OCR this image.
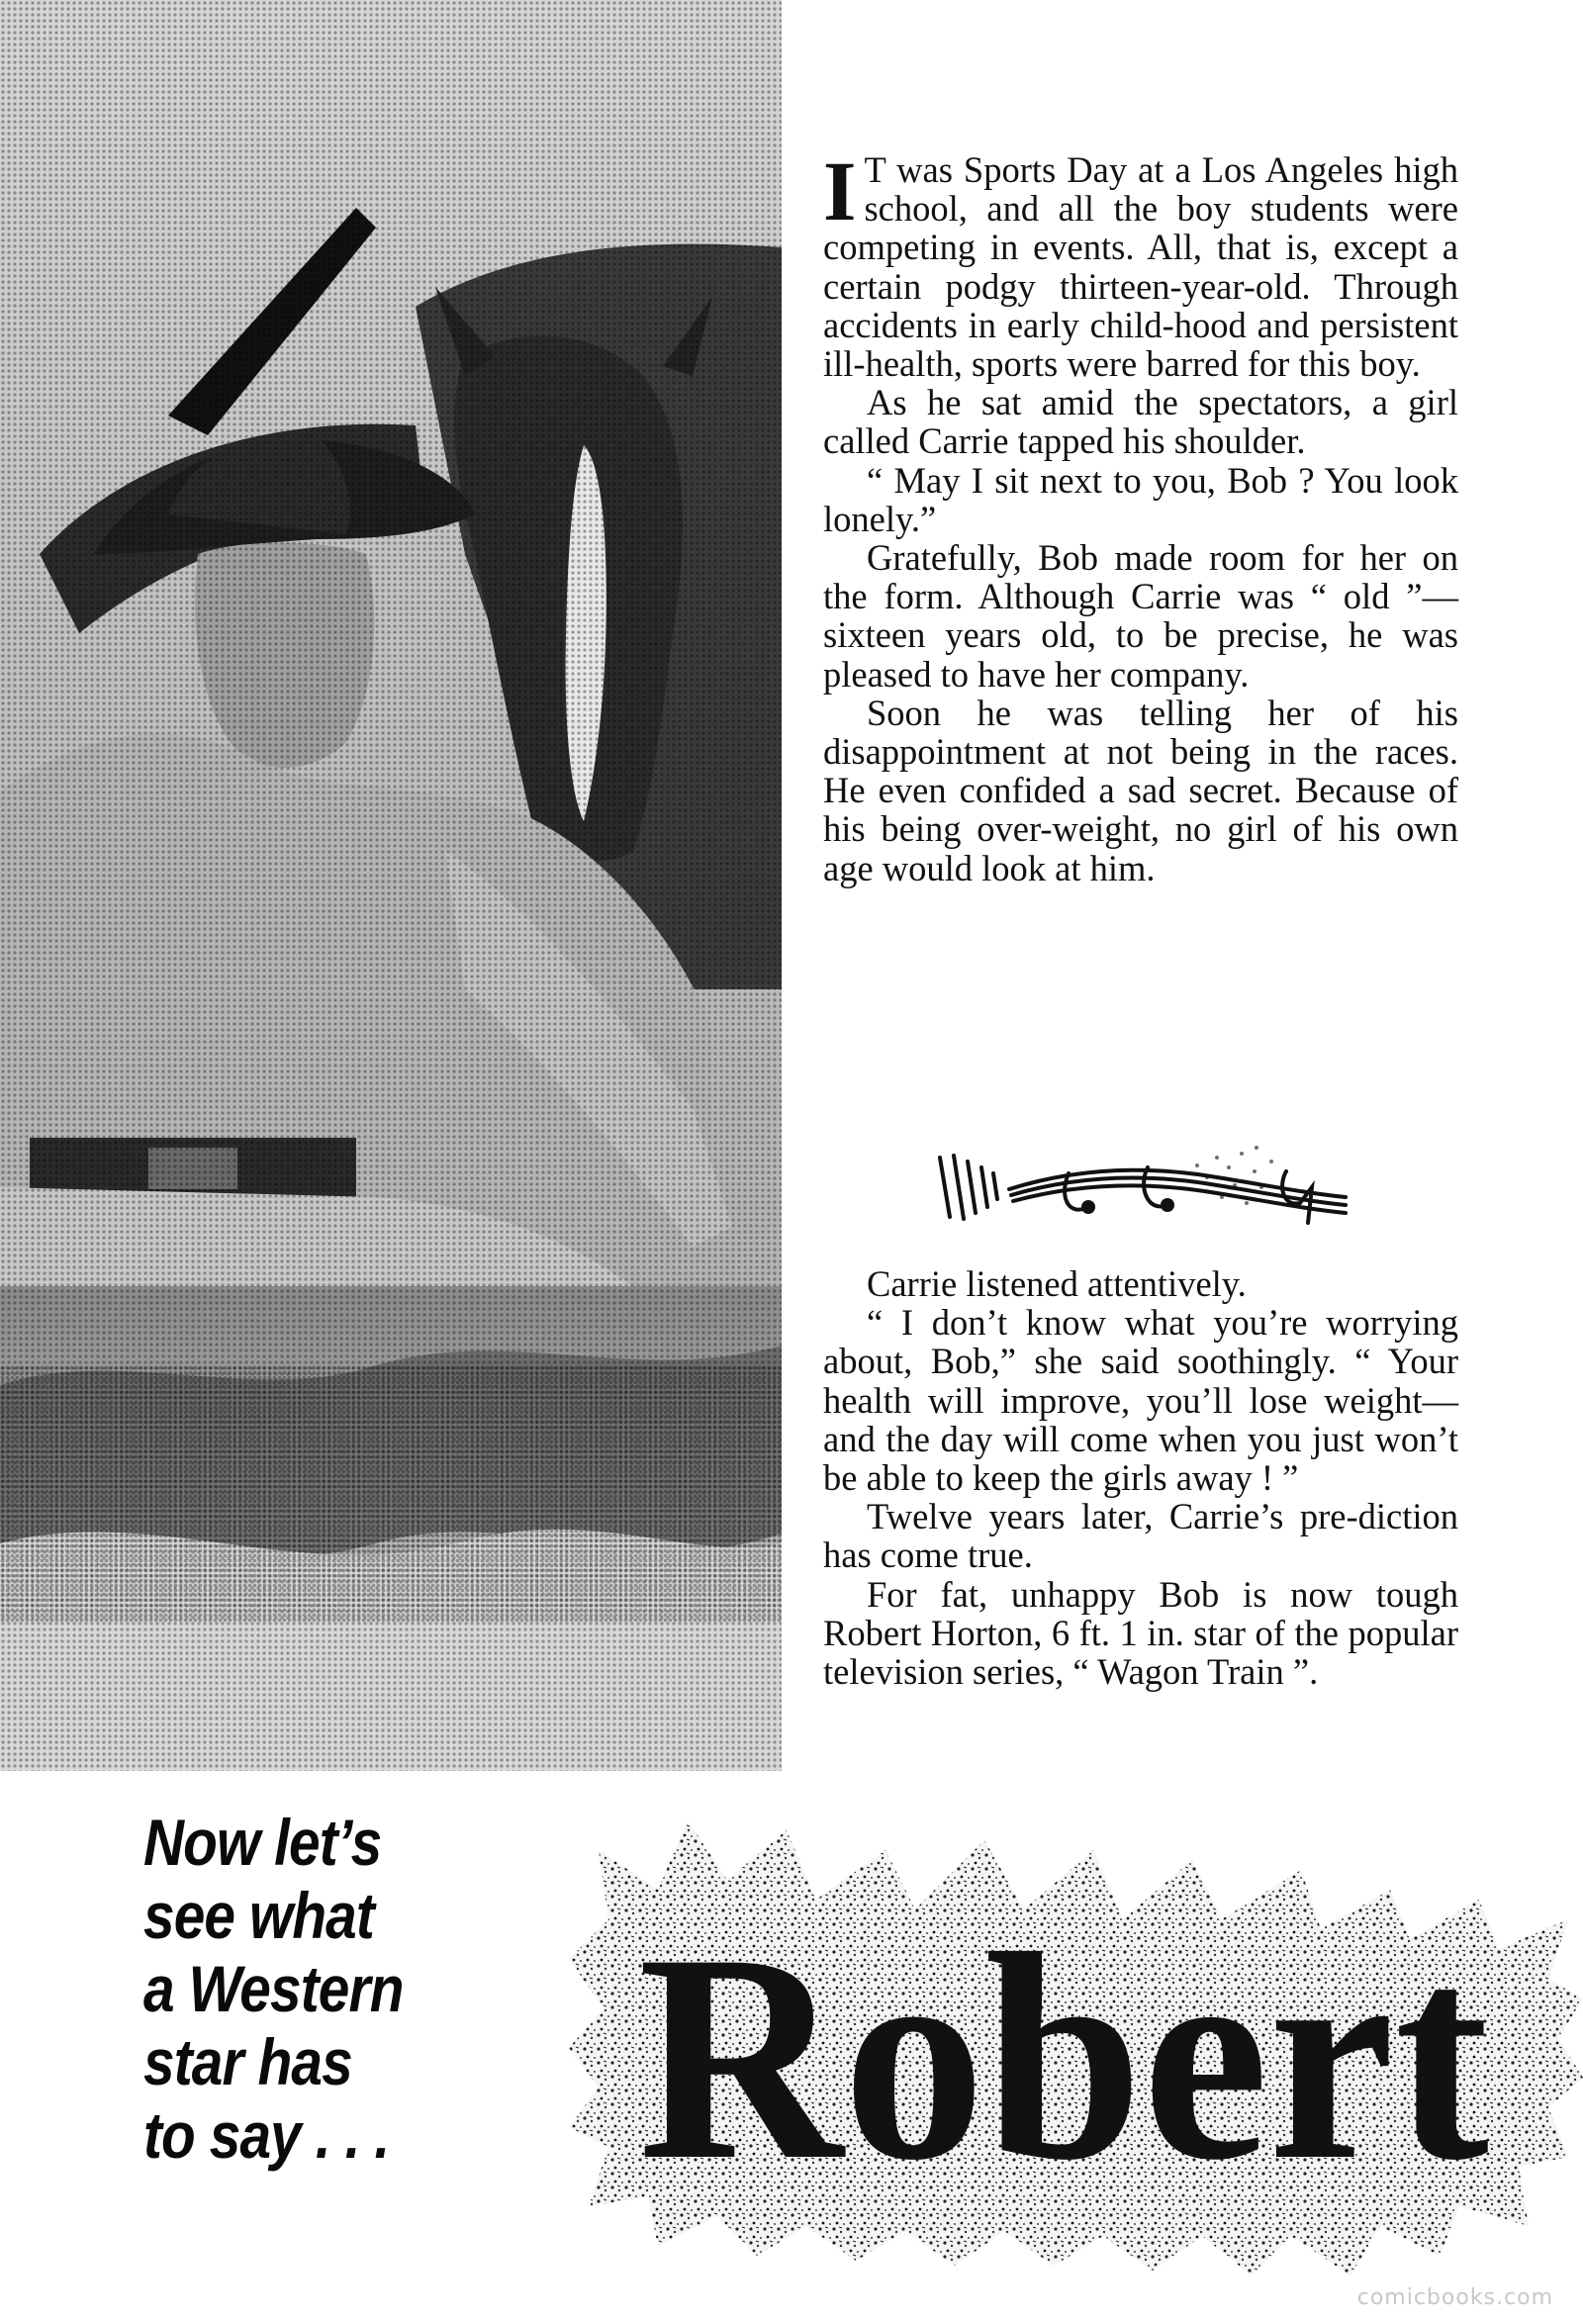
I T was Sports Day at a Los Angeles high school, and all the boy students were competing in events. All, that is, except a certain podgy thirteen-year-old. Through accidents in early child-hood and persistent ill-health, sports were barred for this boy.

As he sat amid the spectators, a girl called Carrie tapped his shoulder.

“ May I sit next to you, Bob ? You look lonely.”

Gratefully, Bob made room for her on the form. Although Carrie was “ old ”—sixteen years old, to be precise, he was pleased to have her company.

Soon he was telling her of his disappointment at not being in the races. He even confided a sad secret. Because of his being over-weight, no girl of his own age would look at him.

Carrie listened attentively.

“ I don’t know what you’re worrying about, Bob,” she said soothingly. “ Your health will improve, you’ll lose weight—and the day will come when you just won’t be able to keep the girls away ! ”

Twelve years later, Carrie’s pre-diction has come true.

For fat, unhappy Bob is now tough Robert Horton, 6 ft. 1 in. star of the popular television series, “ Wagon Train ”.

Now let’s
see what
a Western
star has
to say . . . Robert
comicbooks.com
